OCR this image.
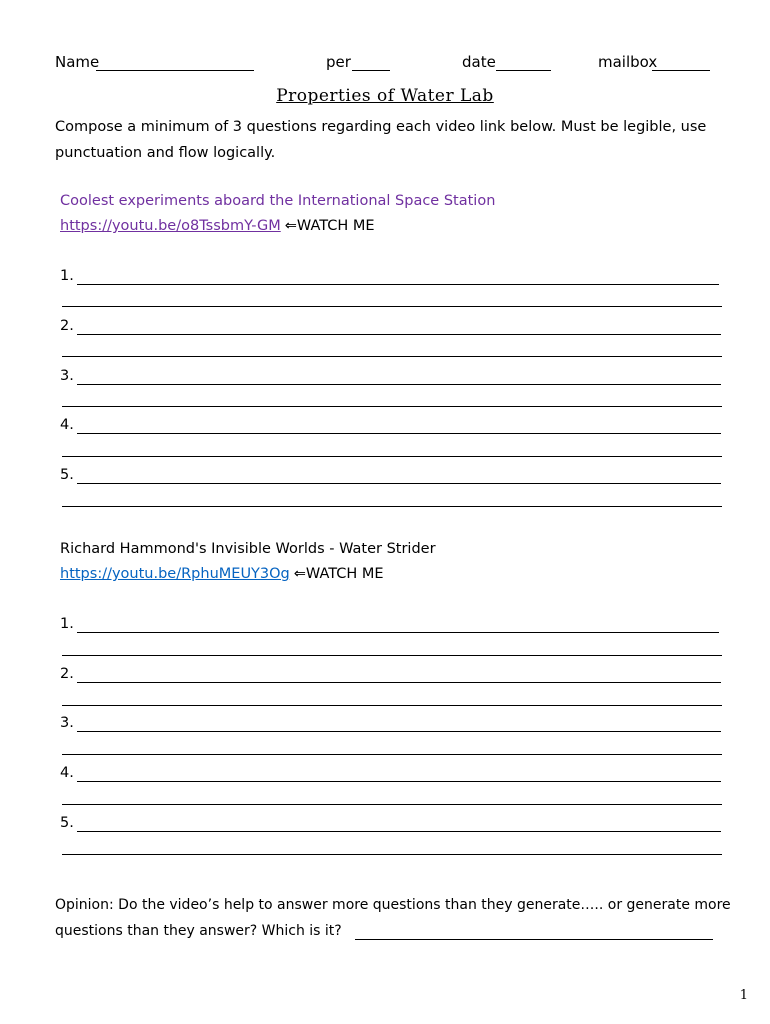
Name	per	date	mailbox
Properties of Water Lab
Compose a minimum of 3 questions regarding each video link below. Must be legible, use punctuation and flow logically.
Coolest experiments aboard the International Space Station
https://youtu.be/o8TssbmY-GM ⇐WATCH ME
1.
2.
3.
4.
5.
Richard Hammond's Invisible Worlds - Water Strider
https://youtu.be/RphuMEUY3Og ⇐WATCH ME
1.
2.
3.
4.
5.
Opinion: Do the video’s help to answer more questions than they generate….. or generate more
questions than they answer? Which is it?
1
